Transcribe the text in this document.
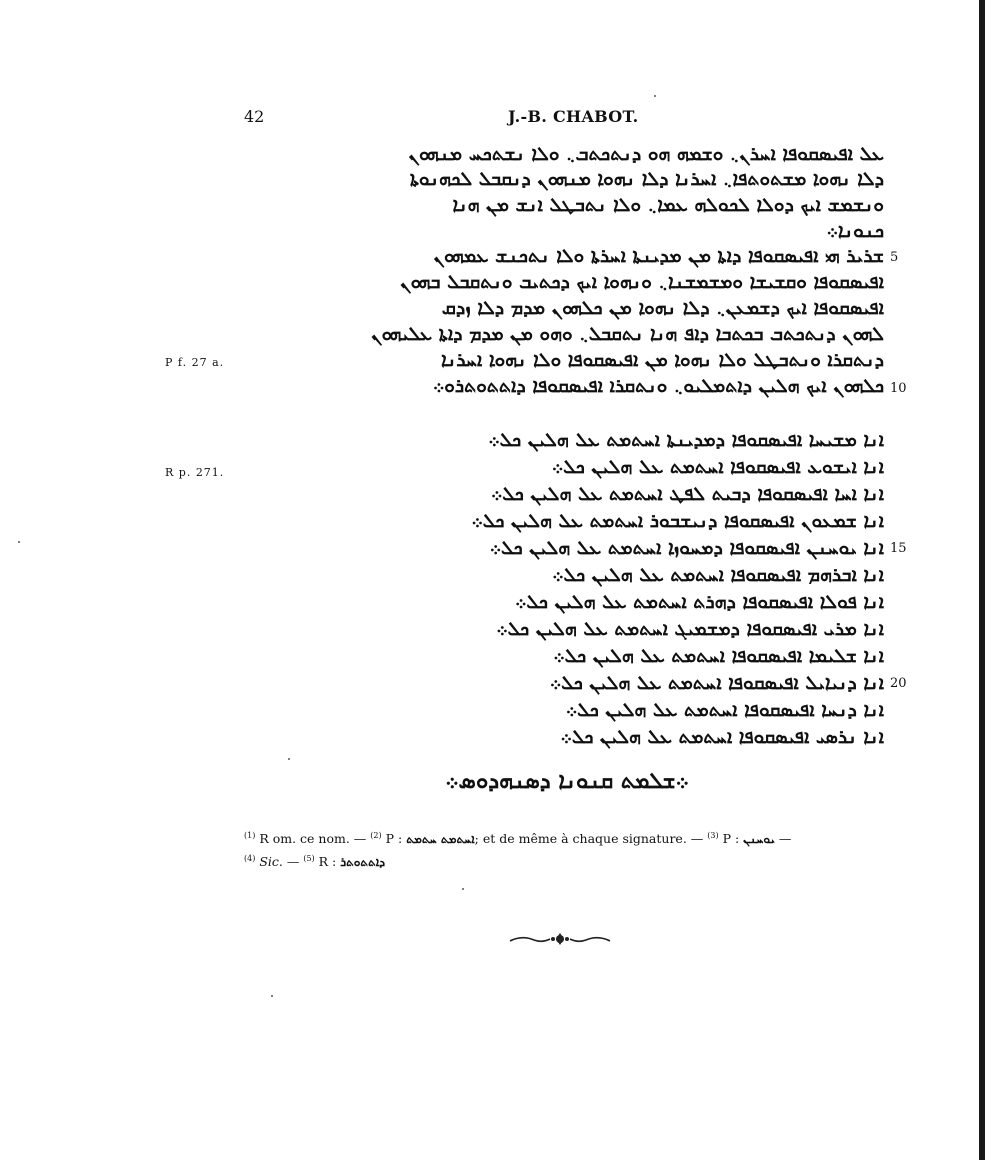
42	J.-B. CHABOT.
ܥܠ ܐܦܝܣܩܘܦܐ ܐܚܪܢ܆ ܘܫܡܗ ܗܘ ܕܢܬܟܬܒ܆ ܘܠܐ ܢܫܬܟܚ ܡܢܗܘܢ
ܕܠܐ ܢܗܘܐ ܡܫܬܘܬܦܐ܆ ܐܚܪܢܐ ܕܠܐ ܢܗܘܐ ܡܢܗܘܢ ܕܢܩܒܠ ܠܟܗܢܘܬܐ
ܘܢܫܡܫ ܐܝܟ ܕܘܠܐ ܠܟܘܠܗ ܥܡܐ܆ ܘܠܐ ܢܬܒܛܠ ܐܢܫ ܡܢ ܗܢܐ
ܟܢܘܢܐ܀
ܫܪܝܪ ܗܝ ܐܦܝܣܩܘܦܐ ܕܐܬܐ ܡܢ ܡܕܝܢܬܐ ܐܚܪܬܐ ܘܠܐ ܢܬܟܢܫ ܥܡܗܘܢ
ܐܦܝܣܩܘܦܐ ܘܩܫܝܫܐ ܘܡܫܡܫܢܐ܆ ܘܢܗܘܐ ܐܝܟ ܕܟܬܝܒ ܘܢܬܩܒܠ ܒܗܘܢ
ܐܦܝܣܩܘܦܐ ܐܝܟ ܕܫܡܥܢ܆ ܕܠܐ ܢܗܘܐ ܡܢ ܟܠܗܘܢ ܡܕܡ ܕܠܐ ܙܕܩ
ܠܗܘܢ ܕܢܬܟܬܒ ܒܟܬܒܐ ܕܐܦ ܗܢܐ ܢܬܩܒܠ܆ ܘܗܘ ܡܢ ܡܕܡ ܕܐܬܐ ܥܠܝܗܘܢ
ܕܢܬܩܪܐ ܘܢܬܒܛܠ ܘܠܐ ܢܗܘܐ ܡܢ ܐܦܝܣܩܘܦܐ ܘܠܐ ܢܗܘܐ ܐܚܪܢܐ
ܟܠܗܘܢ ܐܝܟ ܗܠܝܢ ܕܐܬܡܠܝܘ܆ ܘܢܬܩܪܐ ܐܦܝܣܩܘܦܐ ܕܐܬܬܘܬܪܘ܀
5
10
P f. 27 a.
ܐܢܐ ܡܫܝܚܐ ܐܦܝܣܩܘܦܐ ܕܡܕܝܢܬܐ ܐܚܬܡܬ ܥܠ ܗܠܝܢ ܟܠ܀
ܐܢܐ ܐܝܫܘܥ ܐܦܝܣܩܘܦܐ ܐܚܬܡܬ ܥܠ ܗܠܝܢ ܟܠ܀
ܐܢܐ ܐܚܐ ܐܦܝܣܩܘܦܐ ܕܒܝܬ ܠܦܛ ܐܚܬܡܬ ܥܠ ܗܠܝܢ ܟܠ܀
ܐܢܐ ܫܡܥܘܢ ܐܦܝܣܩܘܦܐ ܕܢܝܫܒܘܪ ܐܚܬܡܬ ܥܠ ܗܠܝܢ ܟܠ܀
ܐܢܐ ܝܘܚܢܢ ܐܦܝܣܩܘܦܐ ܕܡܚܘܙܐ ܐܚܬܡܬ ܥܠ ܗܠܝܢ ܟܠ܀
ܐܢܐ ܐܒܪܗܡ ܐܦܝܣܩܘܦܐ ܐܚܬܡܬ ܥܠ ܗܠܝܢ ܟܠ܀
ܐܢܐ ܦܘܠܐ ܐܦܝܣܩܘܦܐ ܕܗܪܬ ܐܚܬܡܬ ܥܠ ܗܠܝܢ ܟܠ܀
ܐܢܐ ܡܪܝ ܐܦܝܣܩܘܦܐ ܕܡܫܡܝܓ ܐܚܬܡܬ ܥܠ ܗܠܝܢ ܟܠ܀
ܐܢܐ ܫܠܝܡܐ ܐܦܝܣܩܘܦܐ ܐܚܬܡܬ ܥܠ ܗܠܝܢ ܟܠ܀
ܐܢܐ ܕܢܝܐܝܠ ܐܦܝܣܩܘܦܐ ܐܚܬܡܬ ܥܠ ܗܠܝܢ ܟܠ܀
ܐܢܐ ܕܢܚܐ ܐܦܝܣܩܘܦܐ ܐܚܬܡܬ ܥܠ ܗܠܝܢ ܟܠ܀
ܐܢܐ ܢܪܣܝ ܐܦܝܣܩܘܦܐ ܐܚܬܡܬ ܥܠ ܗܠܝܢ ܟܠ܀
15
20
R p. 271.
܀ܫܠܡܬ ܩܢܘܢܐ ܕܣܢܗܕܘܣ܀
$^{(1)}$ R om. ce nom. — $^{(2)}$ P : ܐܚܬܡܬ ܚܬܡܬ; et de même à chaque signature. — $^{(3)}$ P : ܝܘܚܢܢ —
$^{(4)}$ Sic. — $^{(5)}$ R : ܕܐܬܬܘܬܪ
